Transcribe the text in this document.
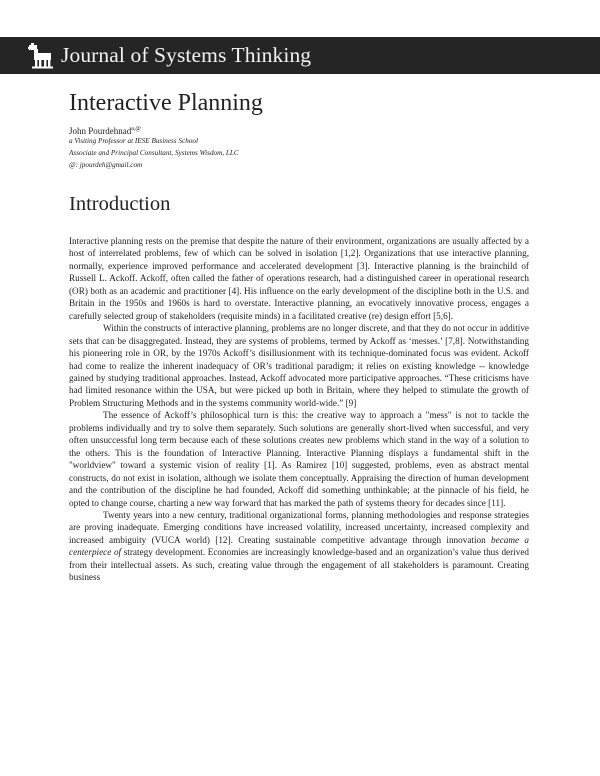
Journal of Systems Thinking
Interactive Planning
John Pourdehnad$^{a,@}$
a Visiting Professor at IESE Business School
Associate and Principal Consultant, Systems Wisdom, LLC
@: jpourdeh@gmail.com
Introduction

Interactive planning rests on the premise that despite the nature of their environment, organizations are usually affected by a host of interrelated problems, few of which can be solved in isolation [1,2]. Organizations that use interactive planning, normally, experience improved performance and accelerated development [3]. Interactive planning is the brainchild of Russell L. Ackoff. Ackoff, often called the father of operations research, had a distinguished career in operational research (OR) both as an academic and practitioner [4]. His influence on the early development of the discipline both in the U.S. and Britain in the 1950s and 1960s is hard to overstate. Interactive planning, an evocatively innovative process, engages a carefully selected group of stakeholders (requisite minds) in a facilitated creative (re) design effort [5,6].

Within the constructs of interactive planning, problems are no longer discrete, and that they do not occur in additive sets that can be disaggregated. Instead, they are systems of problems, termed by Ackoff as ‘messes.’ [7,8]. Notwithstanding his pioneering role in OR, by the 1970s Ackoff’s disillusionment with its technique-dominated focus was evident. Ackoff had come to realize the inherent inadequacy of OR’s traditional paradigm; it relies on existing knowledge -- knowledge gained by studying traditional approaches. Instead, Ackoff advocated more participative approaches. “These criticisms have had limited resonance within the USA, but were picked up both in Britain, where they helped to stimulate the growth of Problem Structuring Methods and in the systems community world-wide.” [9]

The essence of Ackoff’s philosophical turn is this: the creative way to approach a "mess" is not to tackle the problems individually and try to solve them separately. Such solutions are generally short-lived when successful, and very often unsuccessful long term because each of these solutions creates new problems which stand in the way of a solution to the others. This is the foundation of Interactive Planning. Interactive Planning displays a fundamental shift in the "worldview" toward a systemic vision of reality [1]. As Ramirez [10] suggested, problems, even as abstract mental constructs, do not exist in isolation, although we isolate them conceptually. Appraising the direction of human development and the contribution of the discipline he had founded, Ackoff did something unthinkable; at the pinnacle of his field, he opted to change course, charting a new way forward that has marked the path of systems theory for decades since [11].

Twenty years into a new century, traditional organizational forms, planning methodologies and response strategies are proving inadequate. Emerging conditions have increased volatility, increased uncertainty, increased complexity and increased ambiguity (VUCA world) [12]. Creating sustainable competitive advantage through innovation became a centerpiece of strategy development. Economies are increasingly knowledge-based and an organization’s value thus derived from their intellectual assets. As such, creating value through the engagement of all stakeholders is paramount. Creating business
